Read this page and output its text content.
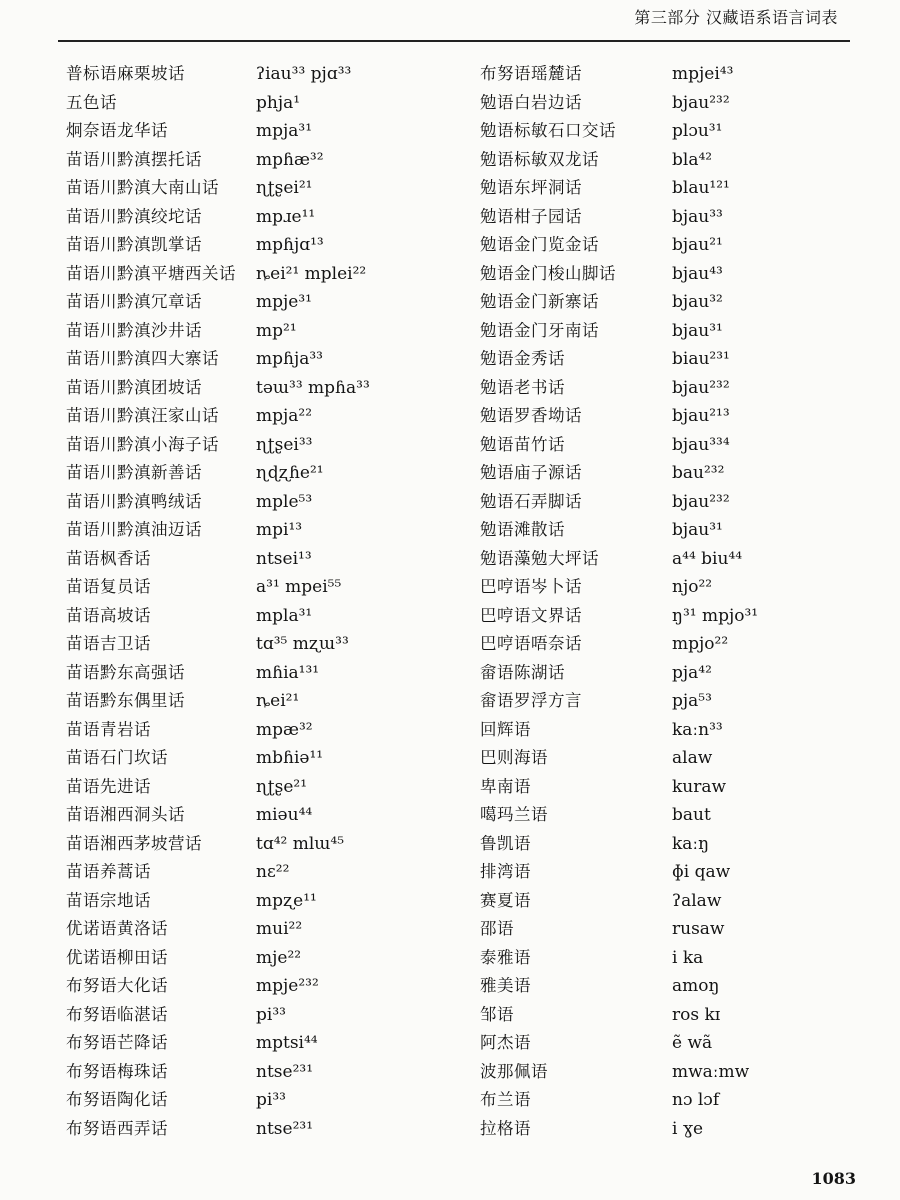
第三部分 汉藏语系语言词表
普标语麻栗坡话	ʔiau³³ pjɑ³³
五色话	phja¹
炯奈语龙华话	mpja³¹
苗语川黔滇摆托话	mpɦæ³²
苗语川黔滇大南山话 ɳʈʂei²¹
苗语川黔滇绞坨话	mpɹe¹¹
苗语川黔滇凯掌话	mpɦjɑ¹³
苗语川黔滇平塘西关话 ȵei²¹ mplei²²
苗语川黔滇冗章话	mpje³¹
苗语川黔滇沙井话	mp²¹
苗语川黔滇四大寨话 mpɦja³³
苗语川黔滇团坡话	təɯ³³ mpɦa³³
苗语川黔滇汪家山话 mpja²²
苗语川黔滇小海子话 ɳʈʂei³³
苗语川黔滇新善话	ɳɖʐɦe²¹
苗语川黔滇鸭绒话	mple⁵³
苗语川黔滇油迈话	mpi¹³
苗语枫香话	ntsei¹³
苗语复员话	a³¹ mpei⁵⁵
苗语高坡话	mpla³¹
苗语吉卫话	tɑ³⁵ mʐɯ³³
苗语黔东高强话	mɦia¹³¹
苗语黔东偶里话	ȵei²¹
苗语青岩话	mpæ³²
苗语石门坎话	mbɦiə¹¹
苗语先进话	ɳʈʂe²¹
苗语湘西洞头话	miəu⁴⁴
苗语湘西茅坡营话	tɑ⁴² mlɯ⁴⁵
苗语养蒿话	nɛ²²
苗语宗地话	mpʐe¹¹
优诺语黄洛话	mui²²
优诺语柳田话	mje²²
布努语大化话	mpje²³²
布努语临湛话	pi³³
布努语芒降话	mptsi⁴⁴
布努语梅珠话	ntse²³¹
布努语陶化话	pi³³
布努语西弄话	ntse²³¹
布努语瑶麓话	mpjei⁴³
勉语白岩边话	bjau²³²
勉语标敏石口交话	plɔu³¹
勉语标敏双龙话	bla⁴²
勉语东坪洞话	blau¹²¹
勉语柑子园话	bjau³³
勉语金门览金话	bjau²¹
勉语金门梭山脚话	bjau⁴³
勉语金门新寨话	bjau³²
勉语金门牙南话	bjau³¹
勉语金秀话	biau²³¹
勉语老书话	bjau²³²
勉语罗香坳话	bjau²¹³
勉语苗竹话	bjau³³⁴
勉语庙子源话	bau²³²
勉语石弄脚话	bjau²³²
勉语滩散话	bjau³¹
勉语藻勉大坪话	a⁴⁴ biu⁴⁴
巴哼语岑卜话	njo²²
巴哼语文界话	ŋ³¹ mpjo³¹
巴哼语唔奈话	mpjo²²
畲语陈湖话	pja⁴²
畲语罗浮方言	pja⁵³
回辉语	kaːn³³
巴则海语	alaw
卑南语	kuraw
噶玛兰语	baut
鲁凯语	kaːŋ
排湾语	ɸi qaw
赛夏语	ʔalaw
邵语	rusaw
泰雅语	i ka
雅美语	amoŋ
邹语	ros kɪ
阿杰语	ẽ wã
波那佩语	mwaːmw
布兰语	nɔ lɔf
拉格语	i ɣe
1083
